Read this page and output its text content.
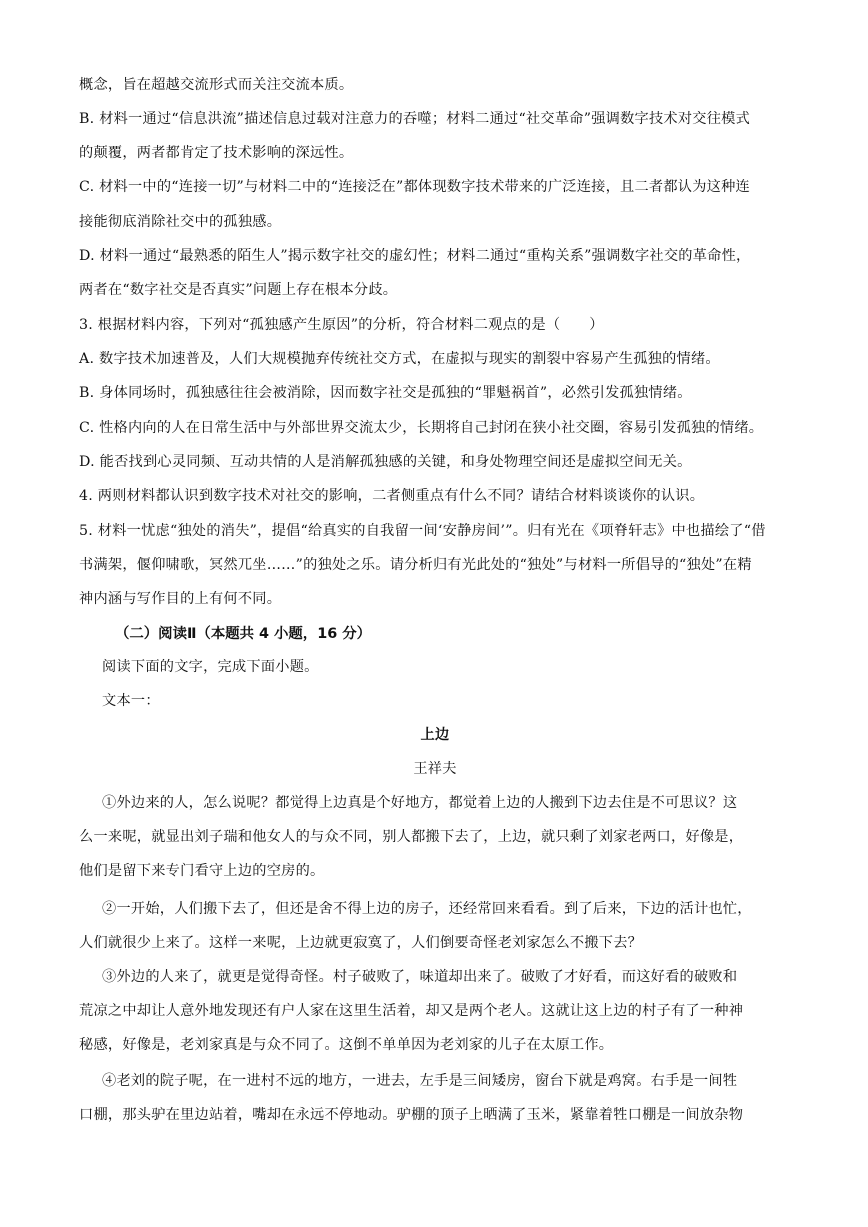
概念，旨在超越交流形式而关注交流本质。
B. 材料一通过“信息洪流”描述信息过载对注意力的吞噬；材料二通过“社交革命”强调数字技术对交往模式
的颠覆，两者都肯定了技术影响的深远性。
C. 材料一中的“连接一切”与材料二中的“连接泛在”都体现数字技术带来的广泛连接，且二者都认为这种连
接能彻底消除社交中的孤独感。
D. 材料一通过“最熟悉的陌生人”揭示数字社交的虚幻性；材料二通过“重构关系”强调数字社交的革命性，
两者在“数字社交是否真实”问题上存在根本分歧。
3. 根据材料内容，下列对“孤独感产生原因”的分析，符合材料二观点的是（　　）
A. 数字技术加速普及，人们大规模抛弃传统社交方式，在虚拟与现实的割裂中容易产生孤独的情绪。
B. 身体同场时，孤独感往往会被消除，因而数字社交是孤独的“罪魁祸首”，必然引发孤独情绪。
C. 性格内向的人在日常生活中与外部世界交流太少，长期将自己封闭在狭小社交圈，容易引发孤独的情绪。
D. 能否找到心灵同频、互动共情的人是消解孤独感的关键，和身处物理空间还是虚拟空间无关。
4. 两则材料都认识到数字技术对社交的影响，二者侧重点有什么不同？请结合材料谈谈你的认识。
5. 材料一忧虑“独处的消失”，提倡“给真实的自我留一间‘安静房间’”。归有光在《项脊轩志》中也描绘了“借
书满架，偃仰啸歌，冥然兀坐……”的独处之乐。请分析归有光此处的“独处”与材料一所倡导的“独处”在精
神内涵与写作目的上有何不同。
（二）阅读Ⅱ（本题共 4 小题，16 分）
阅读下面的文字，完成下面小题。
文本一：
上边
王祥夫
①外边来的人，怎么说呢？都觉得上边真是个好地方，都觉着上边的人搬到下边去住是不可思议？这
么一来呢，就显出刘子瑞和他女人的与众不同，别人都搬下去了，上边，就只剩了刘家老两口，好像是，
他们是留下来专门看守上边的空房的。
②一开始，人们搬下去了，但还是舍不得上边的房子，还经常回来看看。到了后来，下边的活计也忙，
人们就很少上来了。这样一来呢，上边就更寂寞了，人们倒要奇怪老刘家怎么不搬下去？
③外边的人来了，就更是觉得奇怪。村子破败了，味道却出来了。破败了才好看，而这好看的破败和
荒凉之中却让人意外地发现还有户人家在这里生活着，却又是两个老人。这就让这上边的村子有了一种神
秘感，好像是，老刘家真是与众不同了。这倒不单单因为老刘家的儿子在太原工作。
④老刘的院子呢，在一进村不远的地方，一进去，左手是三间矮房，窗台下就是鸡窝。右手是一间牲
口棚，那头驴在里边站着，嘴却在永远不停地动。驴棚的顶子上晒满了玉米，紧靠着牲口棚是一间放杂物
